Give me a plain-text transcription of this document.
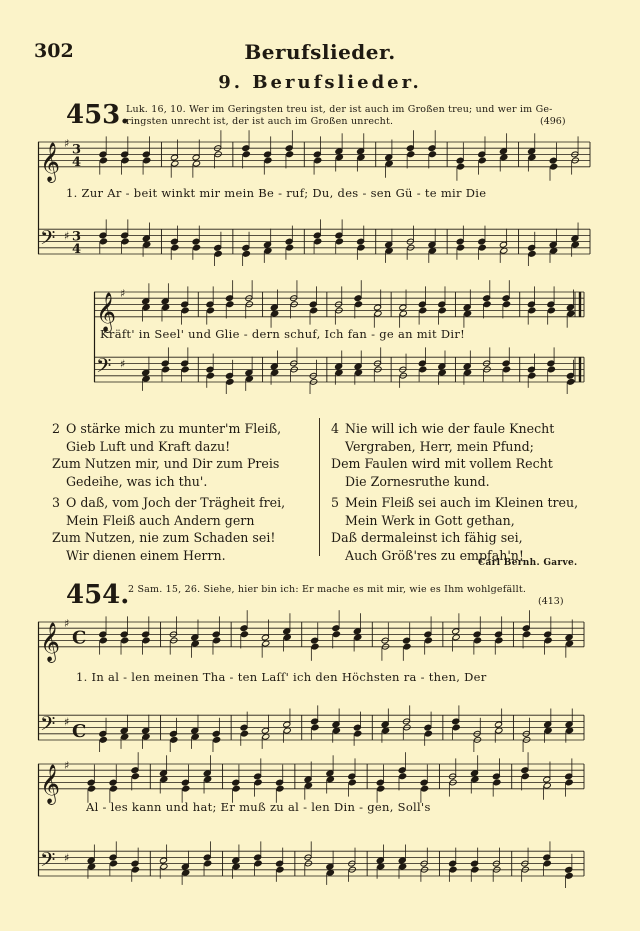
302	Berufslieder.
9. Berufslieder.
453.
Luk. 16, 10. Wer im Geringsten treu ist, der ist auch im Großen treu; und wer im Ge-
ringsten unrecht ist, der ist auch im Großen unrecht.	(496)
𝄞 ♯ 3
4
𝄢 ♯ 3
4
1. Zur Ar - beit winkt mir mein Be - ruf; Du, des - sen Gü - te mir Die
𝄞 ♯
𝄢 ♯
Kräft' in Seel' und Glie - dern schuf, Ich fan - ge an mit Dir!
2 O stärke mich zu munter'm Fleiß,
Gieb Luft und Kraft dazu!
Zum Nutzen mir, und Dir zum Preis
Gedeihe, was ich thu'.
3 O daß, vom Joch der Trägheit frei,
Mein Fleiß auch Andern gern
Zum Nutzen, nie zum Schaden sei!
Wir dienen einem Herrn.
4 Nie will ich wie der faule Knecht
Vergraben, Herr, mein Pfund;
Dem Faulen wird mit vollem Recht
Die Zornesruthe kund.
5 Mein Fleiß sei auch im Kleinen treu,
Mein Werk in Gott gethan,
Daß dermaleinst ich fähig sei,
Auch Größ'res zu empfah'n!
Carl Bernh. Garve.
454.
2 Sam. 15, 26. Siehe, hier bin ich: Er mache es mit mir, wie es Ihm wohlgefällt.
(413)
𝄞 ♯
C
𝄢 ♯ C
1. In al - len meinen Tha - ten Laſſ' ich den Höchsten ra - then, Der
𝄞 ♯
𝄢 ♯
Al - les kann und hat; Er muß zu al - len Din - gen, Soll's
